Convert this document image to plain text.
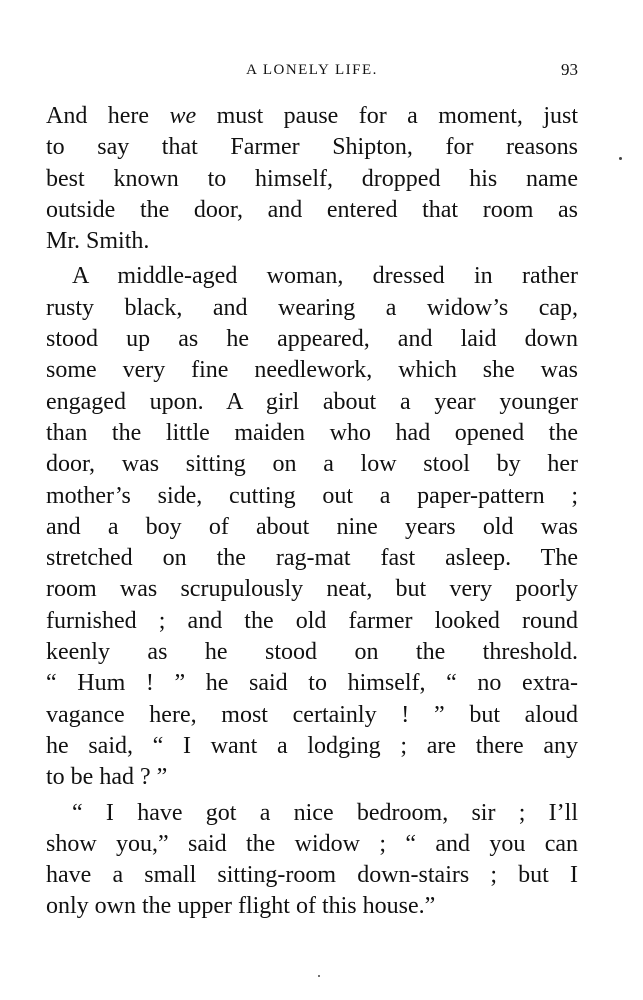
A LONELY LIFE.	93
And here we must pause for a moment, just
to say that Farmer Shipton, for reasons
best known to himself, dropped his name
outside the door, and entered that room as
Mr. Smith.
A middle-aged woman, dressed in rather
rusty black, and wearing a widow’s cap,
stood up as he appeared, and laid down
some very fine needlework, which she was
engaged upon. A girl about a year younger
than the little maiden who had opened the
door, was sitting on a low stool by her
mother’s side, cutting out a paper-pattern ;
and a boy of about nine years old was
stretched on the rag-mat fast asleep. The
room was scrupulously neat, but very poorly
furnished ; and the old farmer looked round
keenly as he stood on the threshold.
“ Hum ! ” he said to himself, “ no extra-
vagance here, most certainly ! ” but aloud
he said, “ I want a lodging ; are there any
to be had ? ”
“ I have got a nice bedroom, sir ; I’ll
show you,” said the widow ; “ and you can
have a small sitting-room down-stairs ; but I
only own the upper flight of this house.”
